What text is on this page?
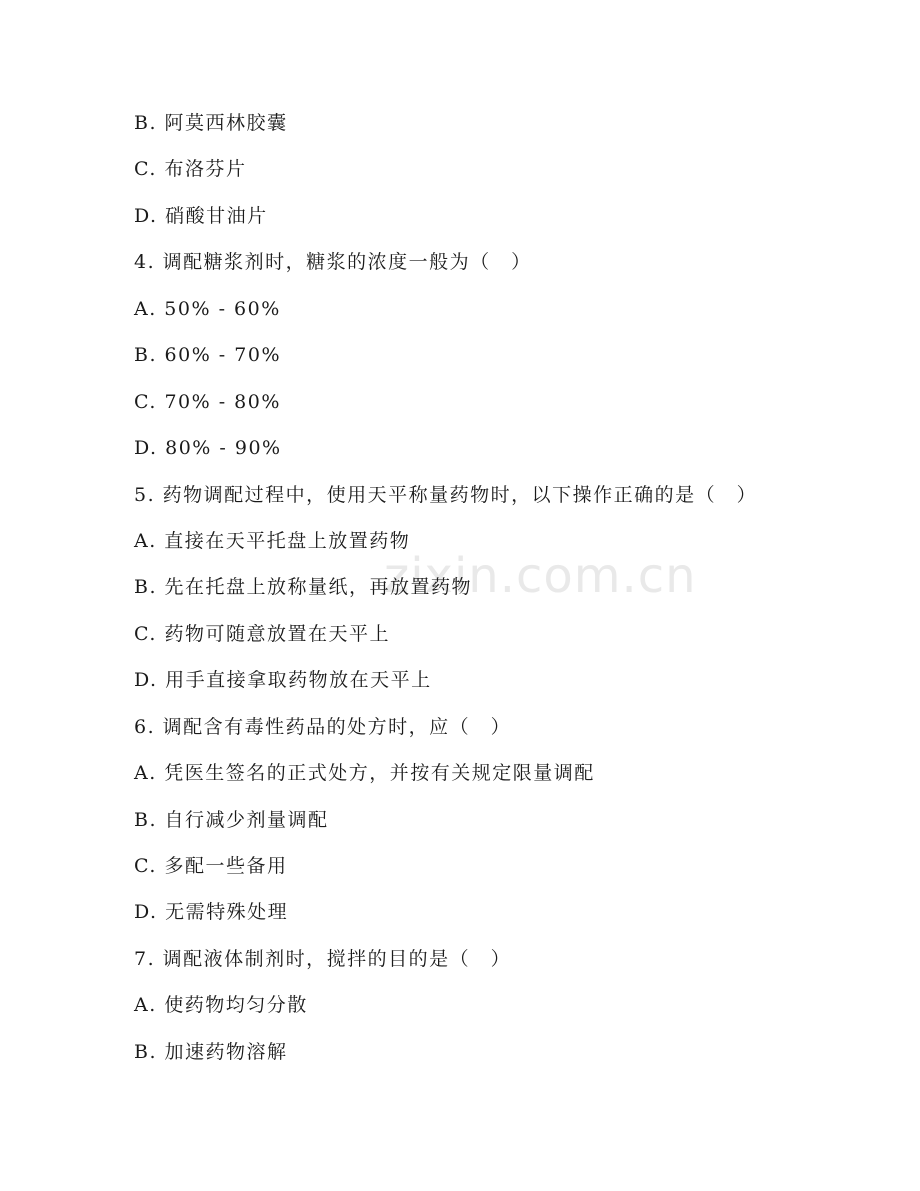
zixin.com.cn
B. 阿莫西林胶囊
C. 布洛芬片
D. 硝酸甘油片
4. 调配糖浆剂时，糖浆的浓度一般为（　）
A. 50% - 60%
B. 60% - 70%
C. 70% - 80%
D. 80% - 90%
5. 药物调配过程中，使用天平称量药物时，以下操作正确的是（　）
A. 直接在天平托盘上放置药物
B. 先在托盘上放称量纸，再放置药物
C. 药物可随意放置在天平上
D. 用手直接拿取药物放在天平上
6. 调配含有毒性药品的处方时，应（　）
A. 凭医生签名的正式处方，并按有关规定限量调配
B. 自行减少剂量调配
C. 多配一些备用
D. 无需特殊处理
7. 调配液体制剂时，搅拌的目的是（　）
A. 使药物均匀分散
B. 加速药物溶解
